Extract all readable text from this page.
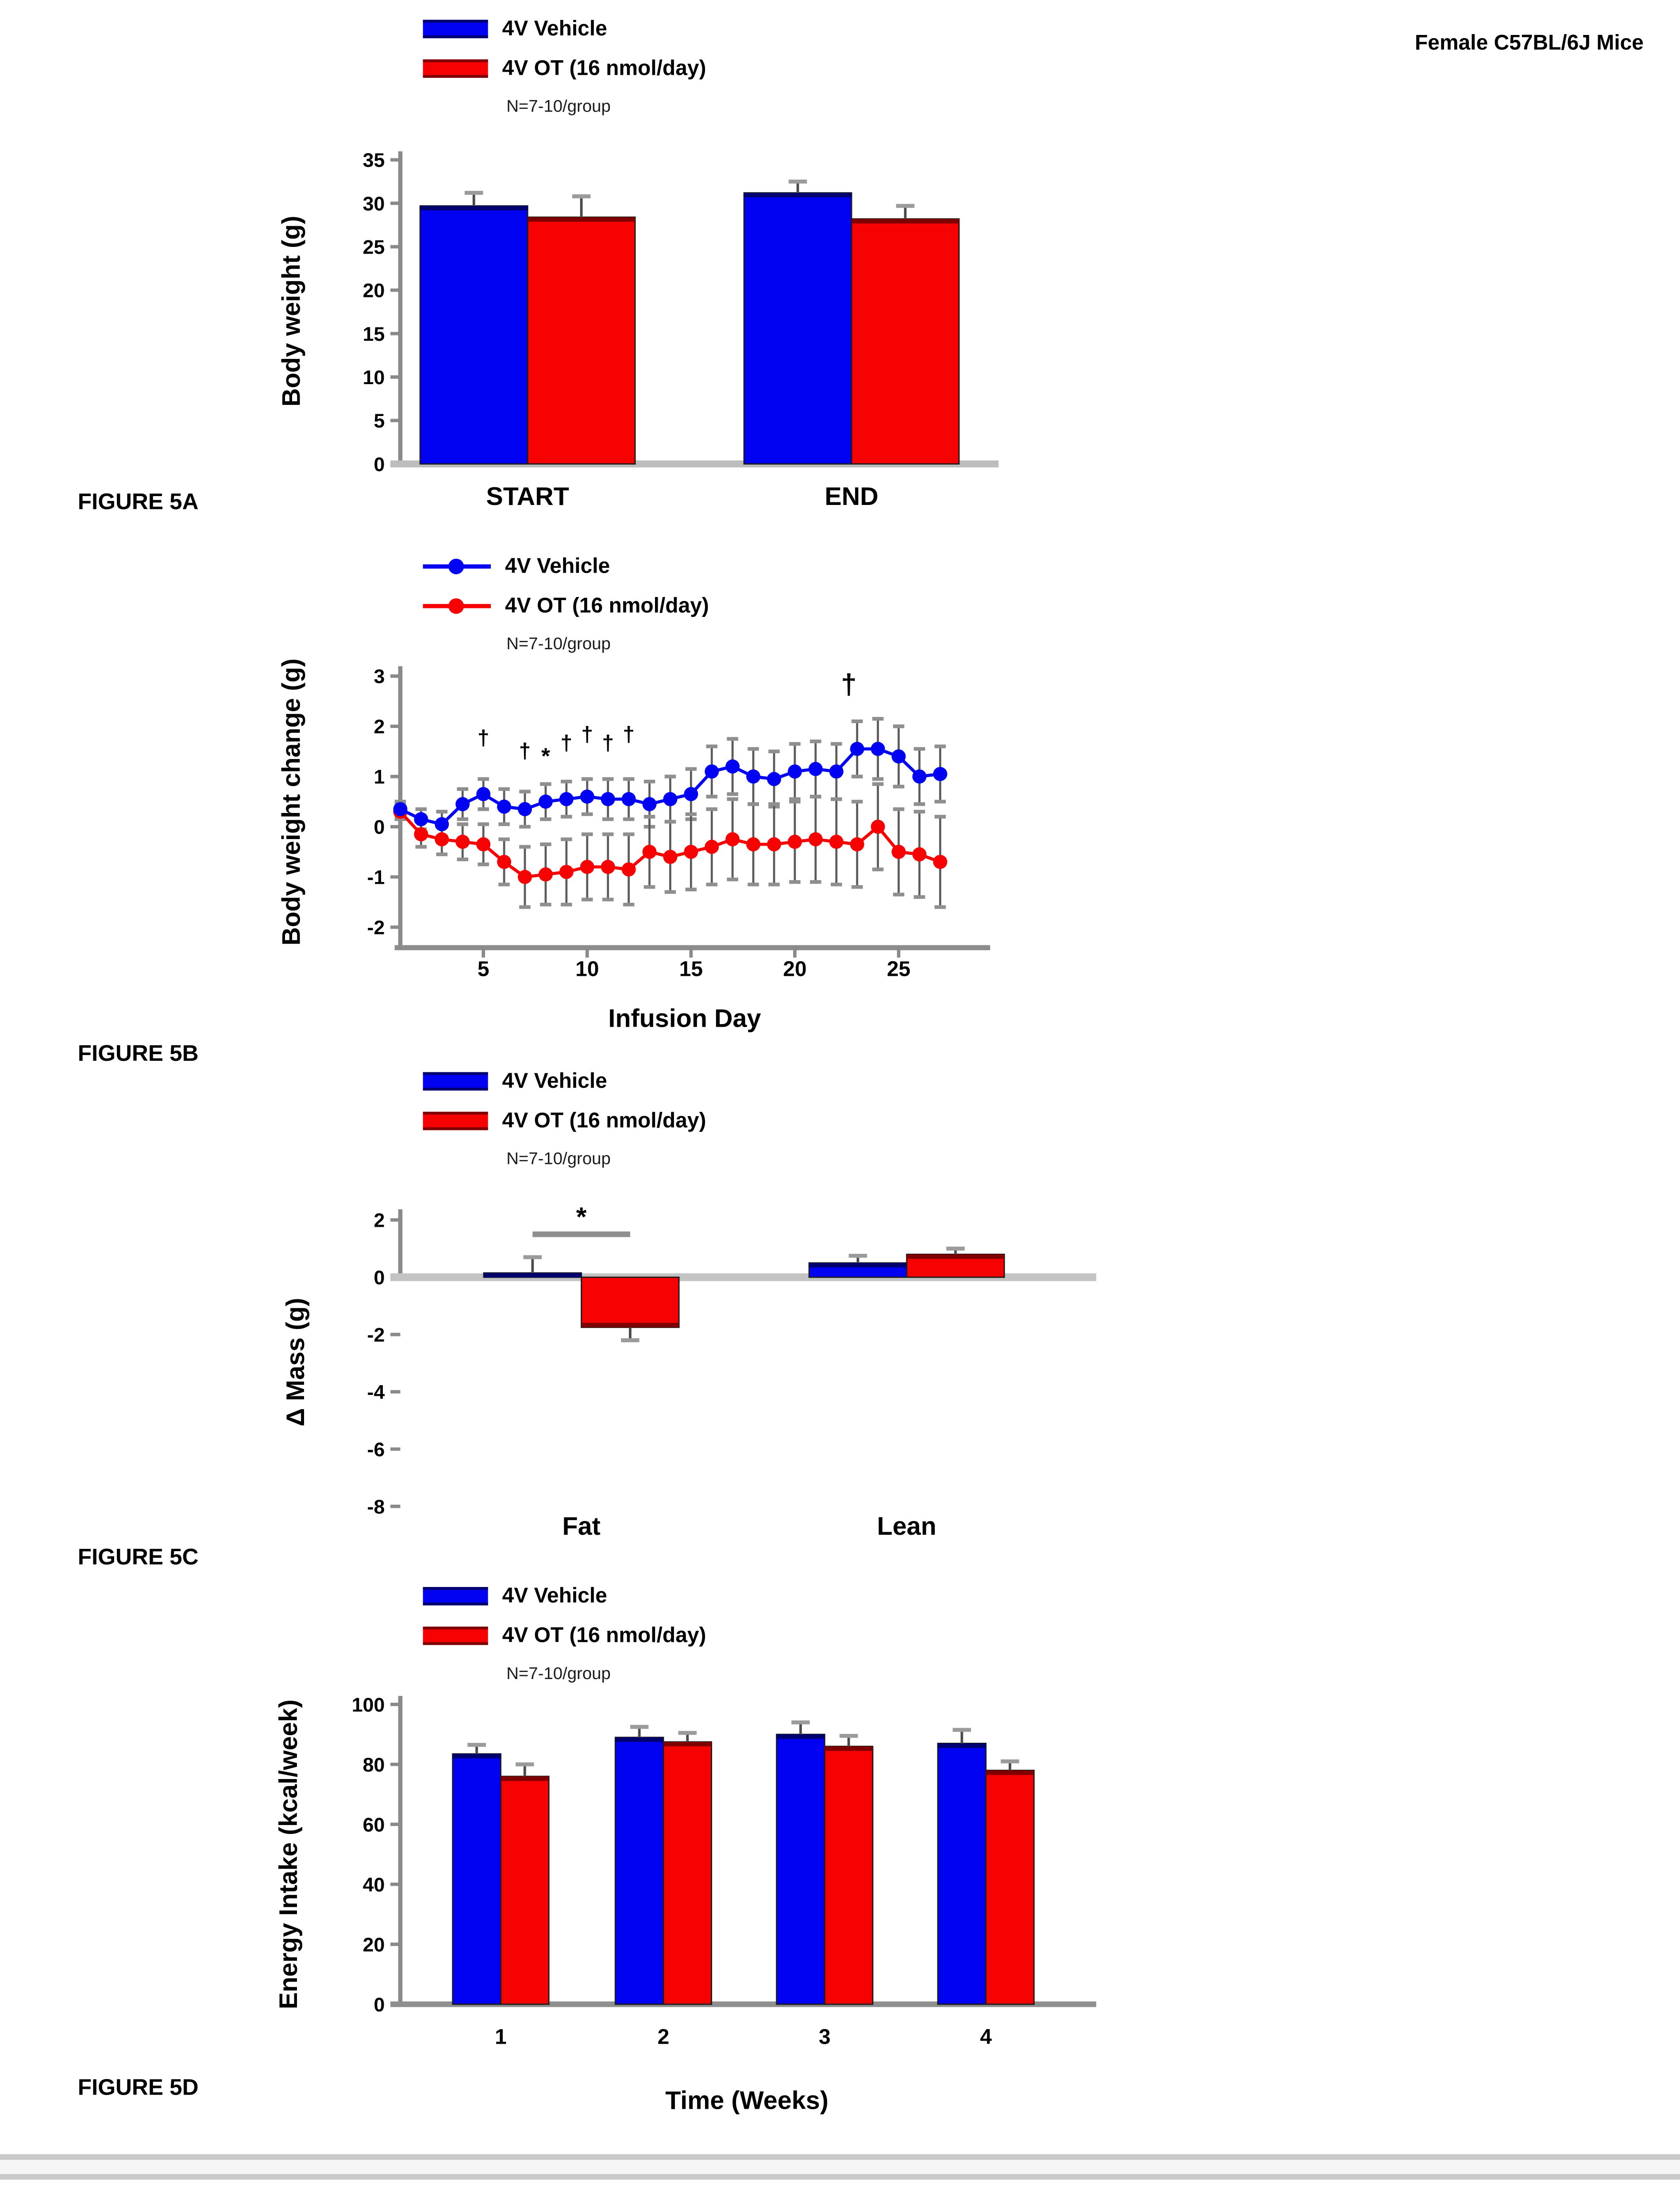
Female C57BL/6J Mice
4V Vehicle
4V OT (16 nmol/day)
N=7-10/group
4V Vehicle
4V OT (16 nmol/day)
N=7-10/group
4V Vehicle
4V OT (16 nmol/day)
N=7-10/group
4V Vehicle
4V OT (16 nmol/day)
N=7-10/group
0
5
10
15
20
25
30
35
START	END
Body weight (g)
3
2
1
0
-1
-2
5	10	15	20	25
†
† *
† † † †
†
Infusion Day
Body weight change (g)
2
0
-2
-4
-6
-8
Fat	Lean
*
Δ Mass (g)
0
20
40
60
80
100
1	2	3	4
Time (Weeks)
Energy Intake (kcal/week)
FIGURE 5A
FIGURE 5B
FIGURE 5C
FIGURE 5D
